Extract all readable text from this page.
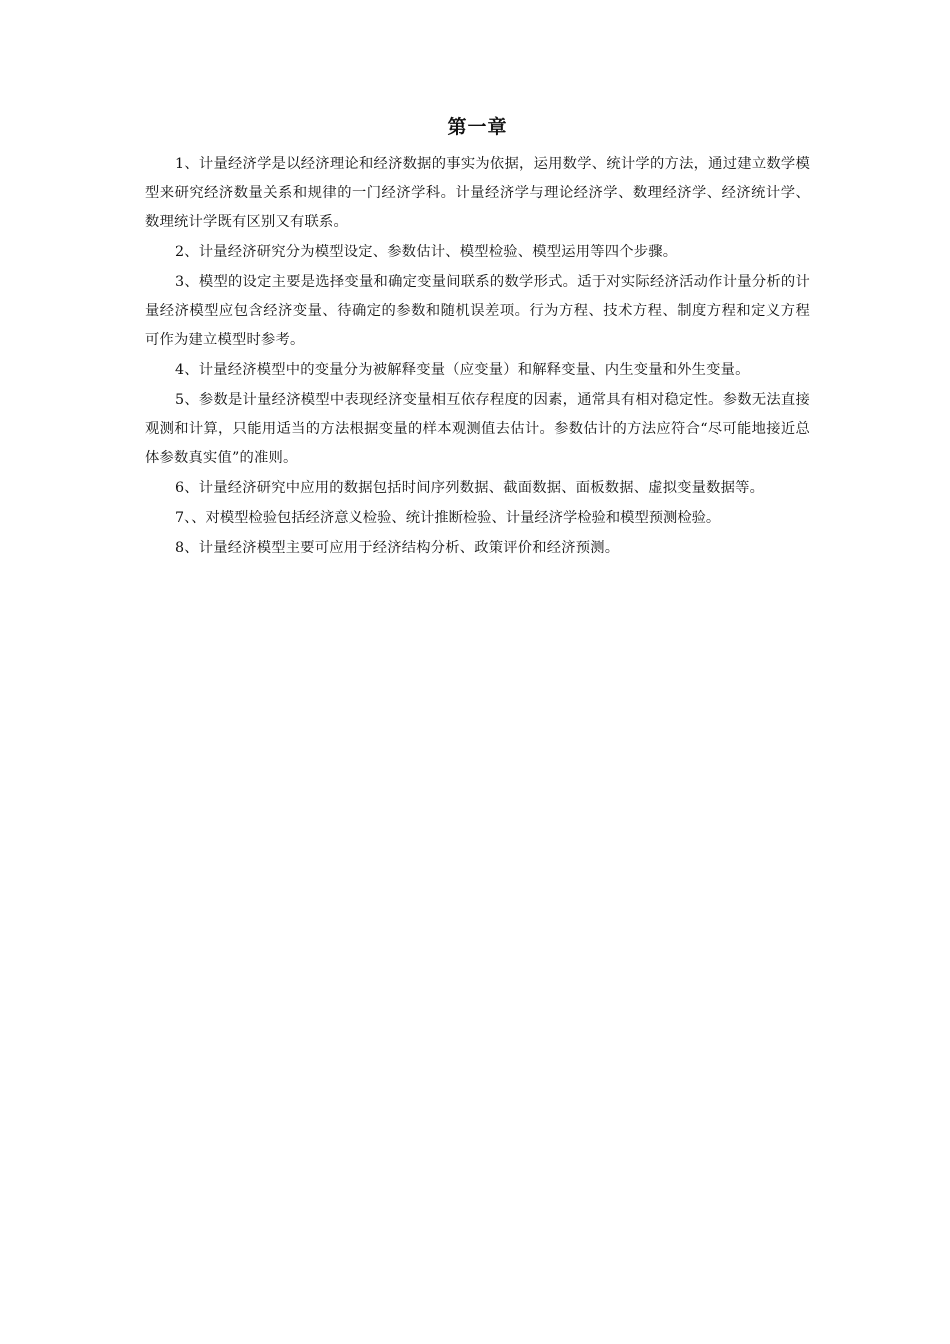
第一章

1、计量经济学是以经济理论和经济数据的事实为依据，运用数学、统计学的方法，通过建立数学模型来研究经济数量关系和规律的一门经济学科。计量经济学与理论经济学、数理经济学、经济统计学、数理统计学既有区别又有联系。

2、计量经济研究分为模型设定、参数估计、模型检验、模型运用等四个步骤。

3、模型的设定主要是选择变量和确定变量间联系的数学形式。适于对实际经济活动作计量分析的计量经济模型应包含经济变量、待确定的参数和随机误差项。行为方程、技术方程、制度方程和定义方程可作为建立模型时参考。

4、计量经济模型中的变量分为被解释变量（应变量）和解释变量、内生变量和外生变量。

5、参数是计量经济模型中表现经济变量相互依存程度的因素，通常具有相对稳定性。参数无法直接观测和计算，只能用适当的方法根据变量的样本观测值去估计。参数估计的方法应符合“尽可能地接近总体参数真实值”的准则。

6、计量经济研究中应用的数据包括时间序列数据、截面数据、面板数据、虚拟变量数据等。

7、、对模型检验包括经济意义检验、统计推断检验、计量经济学检验和模型预测检验。

8、计量经济模型主要可应用于经济结构分析、政策评价和经济预测。
